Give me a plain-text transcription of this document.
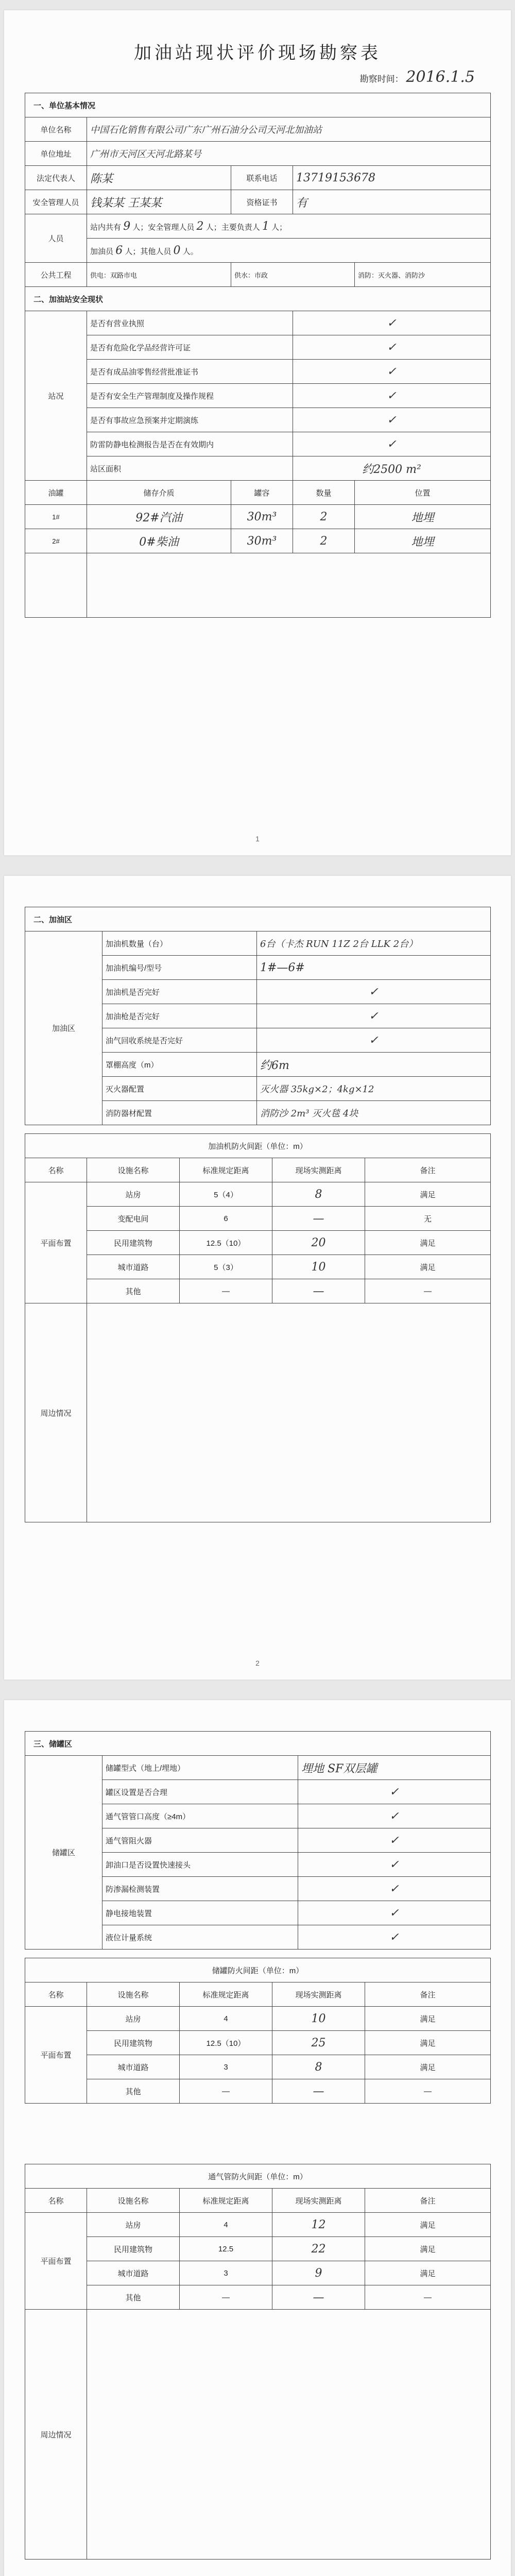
加油站现状评价现场勘察表
勘察时间： 2016.1.5
一、单位基本情况				
单位名称	中国石化销售有限公司广东广州石油分公司天河北加油站			
单位地址	广州市天河区天河北路某号			
法定代表人	陈某	联系电话	13719153678	
安全管理人员	钱某某 王某某	资格证书	有	
人员	站内共有 9 人；安全管理人员 2 人；主要负责人 1 人；			
	加油员 6 人；其他人员 0 人。			
公共工程	供电：双路市电	供水：市政		消防：灭火器、消防沙
二、加油站安全现状				
站况	是否有营业执照		✓	
	是否有危险化学品经营许可证		✓	
	是否有成品油零售经营批准证书		✓	
	是否有安全生产管理制度及操作规程		✓	
	是否有事故应急预案并定期演练		✓	
	防雷防静电检测报告是否在有效期内		✓	
	站区面积		约2500 m²	
油罐	储存介质	罐容	数量	位置
1#	92#汽油	30m³	2	地埋
2#	0#柴油	30m³	2	地埋

1
二、加油区		
加油区	加油机数量（台）	6台（卡杰 RUN 11Z 2台 LLK 2台）
	加油机编号/型号	1#—6#
	加油机是否完好	✓
	加油枪是否完好	✓
	油气回收系统是否完好	✓
	罩棚高度（m）	约6m
	灭火器配置	灭火器 35kg×2；4kg×12
	消防器材配置	消防沙 2m³ 灭火毯 4块
加油机防火间距（单位：m）				
名称	设施名称	标准规定距离	现场实测距离	备注
平面布置	站房	5（4）	8	满足
	变配电间	6	—	无
	民用建筑物	12.5（10）	20	满足
	城市道路	5（3）	10	满足
	其他	—	—	—
周边情况				
2
三、储罐区		
储罐区	储罐型式（地上/埋地）	埋地 SF双层罐
	罐区设置是否合理	✓
	通气管管口高度（≥4m）	✓
	通气管阻火器	✓
	卸油口是否设置快速接头	✓
	防渗漏检测装置	✓
	静电接地装置	✓
	液位计量系统	✓
储罐防火间距（单位：m）				
名称	设施名称	标准规定距离	现场实测距离	备注
平面布置	站房	4	10	满足
	民用建筑物	12.5（10）	25	满足
	城市道路	3	8	满足
	其他	—	—	—
通气管防火间距（单位：m）				
名称	设施名称	标准规定距离	现场实测距离	备注
平面布置	站房	4	12	满足
	民用建筑物	12.5	22	满足
	城市道路	3	9	满足
	其他	—	—	—
周边情况				
